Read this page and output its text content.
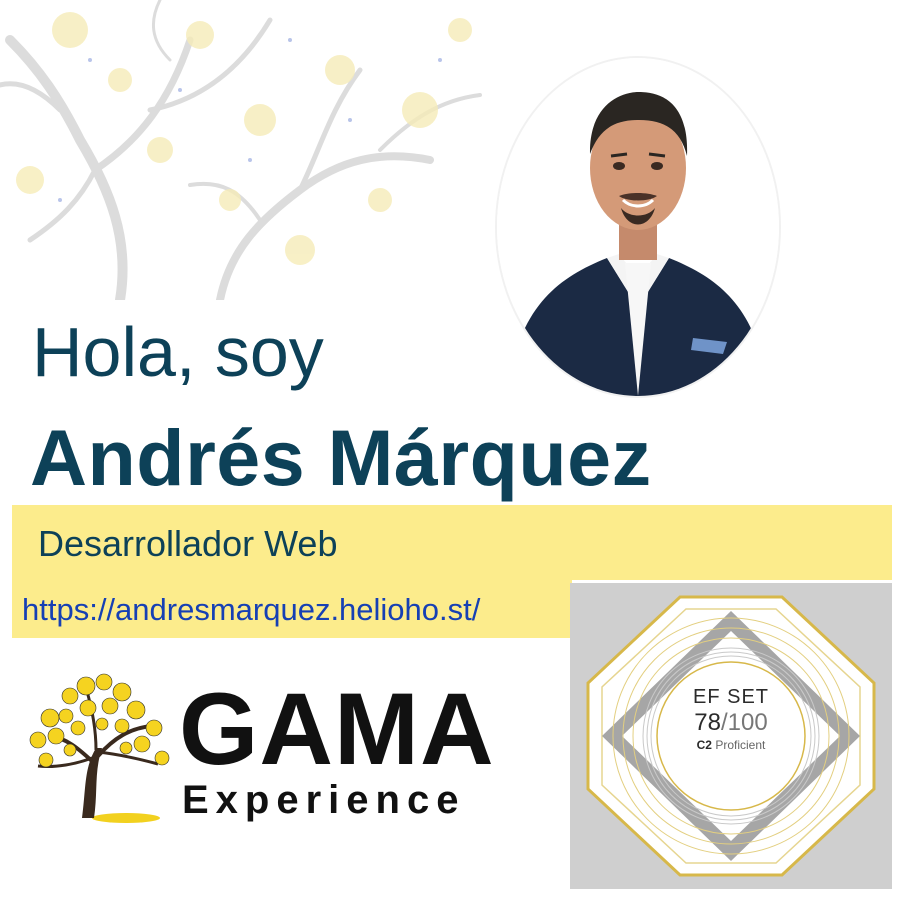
Hola, soy
Andrés Márquez
Desarrollador Web
https://andresmarquez.helioho.st/
GAMA
Experience
EF SET
78/100
C2 Proficient
